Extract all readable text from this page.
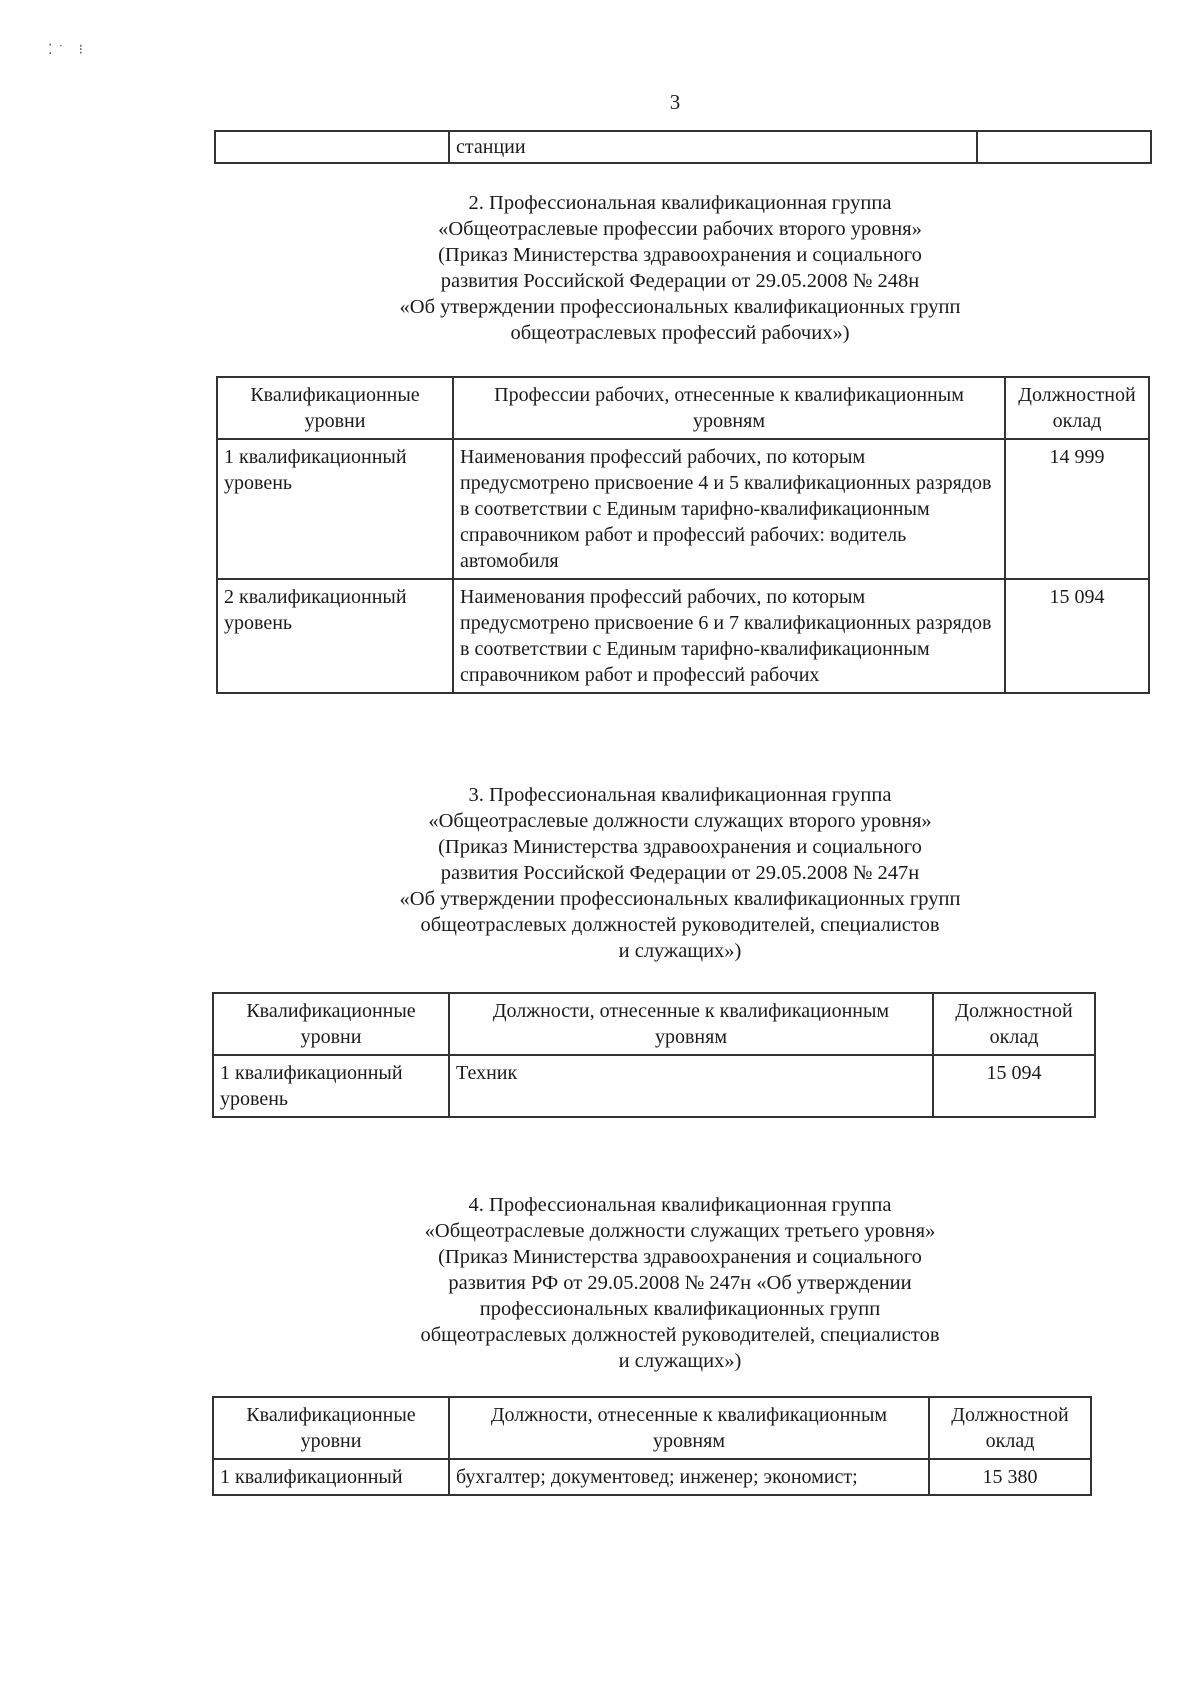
⁚˙ ⁝
3
	станции	
2. Профессиональная квалификационная группа
«Общеотраслевые профессии рабочих второго уровня»
(Приказ Министерства здравоохранения и социального
развития Российской Федерации от 29.05.2008 № 248н
«Об утверждении профессиональных квалификационных групп
общеотраслевых профессий рабочих»)
Квалификационные уровни	Профессии рабочих, отнесенные к квалификационным уровням	Должностной оклад
1 квалификационный уровень	Наименования профессий рабочих, по которым предусмотрено присвоение 4 и 5 квалификационных разрядов в соответствии с Единым тарифно-квалификационным справочником работ и профессий рабочих: водитель автомобиля	14 999
2 квалификационный уровень	Наименования профессий рабочих, по которым предусмотрено присвоение 6 и 7 квалификационных разрядов в соответствии с Единым тарифно-квалификационным справочником работ и профессий рабочих	15 094
3. Профессиональная квалификационная группа
«Общеотраслевые должности служащих второго уровня»
(Приказ Министерства здравоохранения и социального
развития Российской Федерации от 29.05.2008 № 247н
«Об утверждении профессиональных квалификационных групп
общеотраслевых должностей руководителей, специалистов
и служащих»)
Квалификационные уровни	Должности, отнесенные к квалификационным уровням	Должностной оклад
1 квалификационный уровень	Техник	15 094
4. Профессиональная квалификационная группа
«Общеотраслевые должности служащих третьего уровня»
(Приказ Министерства здравоохранения и социального
развития РФ от 29.05.2008 № 247н «Об утверждении
профессиональных квалификационных групп
общеотраслевых должностей руководителей, специалистов
и служащих»)
Квалификационные уровни	Должности, отнесенные к квалификационным уровням	Должностной оклад
1 квалификационный	бухгалтер; документовед; инженер; экономист;	15 380
